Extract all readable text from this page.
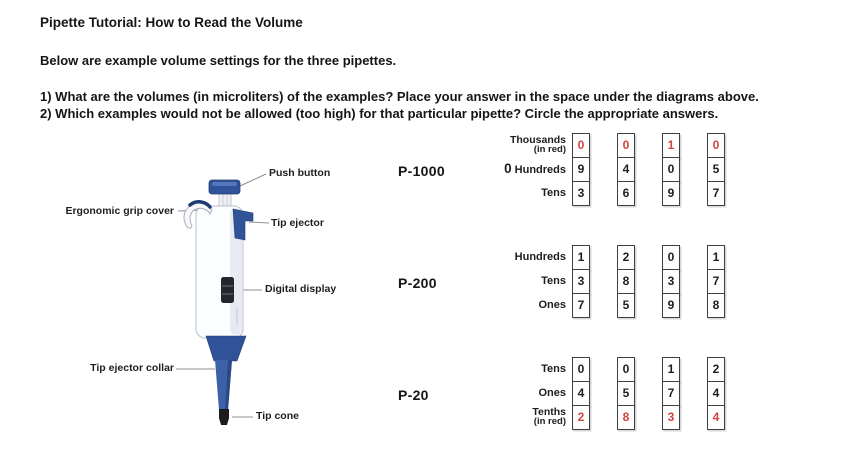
Pipette Tutorial: How to Read the Volume
Below are example volume settings for the three pipettes.
1) What are the volumes (in microliters) of the examples? Place your answer in the space under the diagrams above.
2) Which examples would not be allowed (too high) for that particular pipette? Circle the appropriate answers.
Push button
Ergonomic grip cover
Tip ejector
Digital display
Tip ejector collar
Tip cone
P-1000
Thousands
(in red)
0 Hundreds
Tens
0
9
3
0
4
6
1
0
9
0
5
7
P-200
Hundreds
Tens
Ones
1
3
7
2
8
5
0
3
9
1
7
8
P-20
Tens
Ones
Tenths
(in red)
0
4
2
0
5
8
1
7
3
2
4
4
